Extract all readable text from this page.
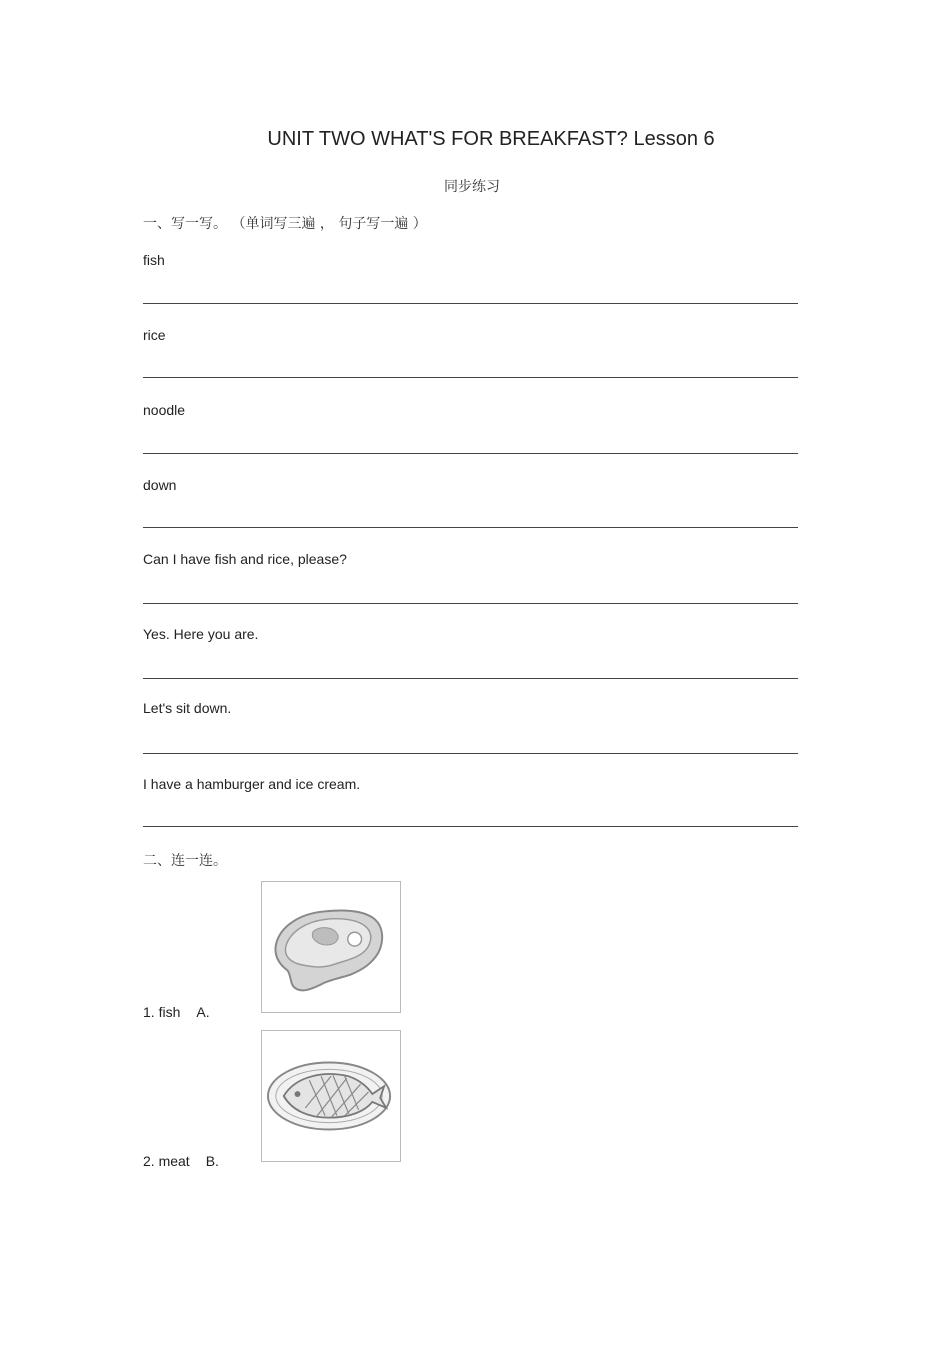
UNIT TWO WHAT'S FOR BREAKFAST? Lesson 6
同步练习
一、写一写。 （单词写三遍 ， 句子写一遍 ）
fish
rice
noodle
down
Can I have fish and rice, please?
Yes. Here you are.
Let's sit down.
I have a hamburger and ice cream.
二、连一连。
1. fish A.
2. meat B.
